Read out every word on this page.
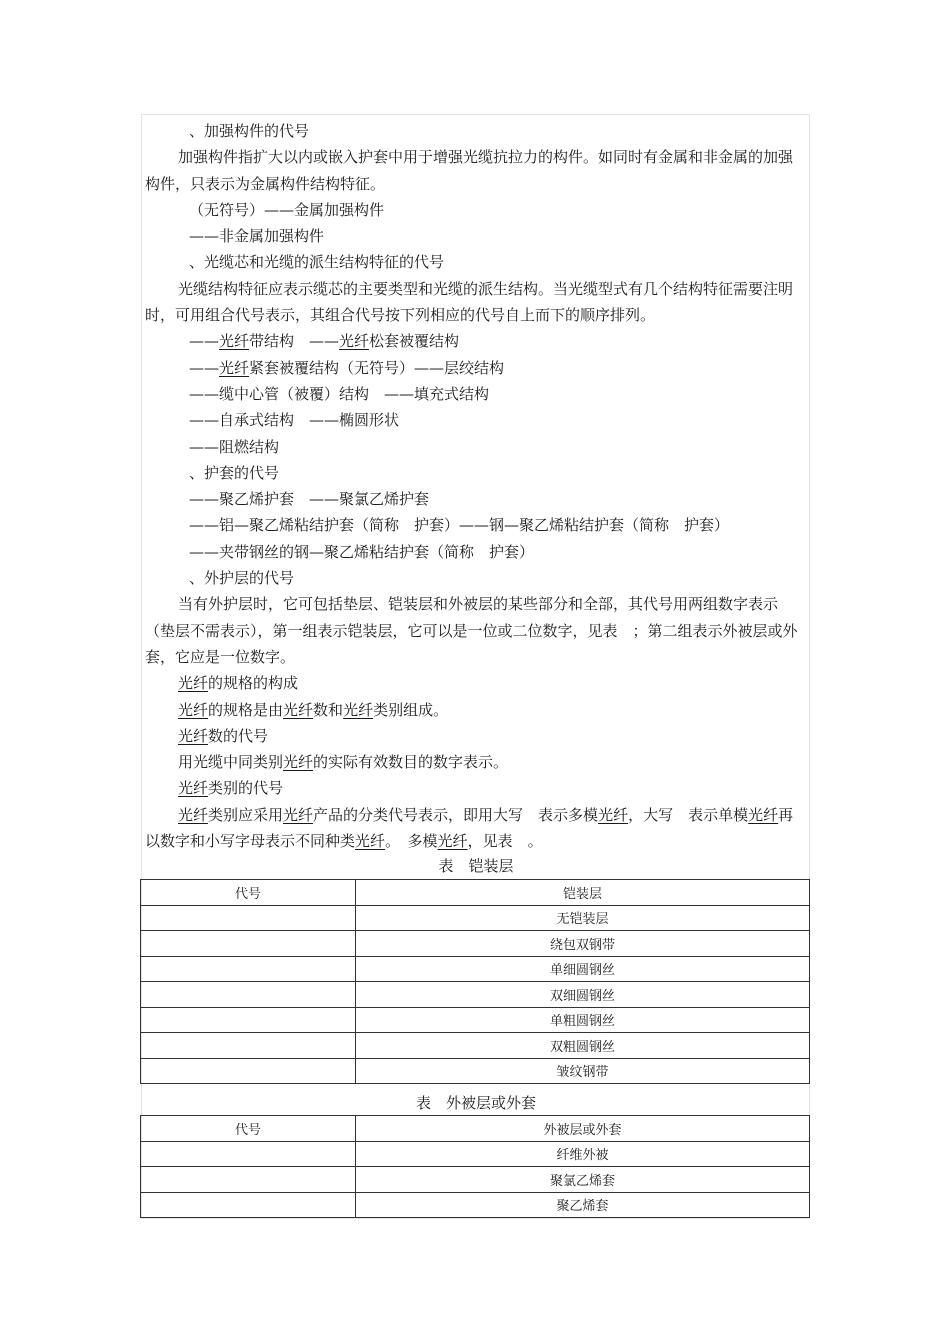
、加强构件的代号

加强构件指扩大以内或嵌入护套中用于增强光缆抗拉力的构件。如同时有金属和非金属的加强构件，只表示为金属构件结构特征。

（无符号）——金属加强构件

——非金属加强构件

、光缆芯和光缆的派生结构特征的代号

光缆结构特征应表示缆芯的主要类型和光缆的派生结构。当光缆型式有几个结构特征需要注明时，可用组合代号表示，其组合代号按下列相应的代号自上而下的顺序排列。

——光纤带结构　——光纤松套被覆结构

——光纤紧套被覆结构（无符号）——层绞结构

——缆中心管（被覆）结构　——填充式结构

——自承式结构　——椭圆形状

——阻燃结构

、护套的代号

——聚乙烯护套　——聚氯乙烯护套

——铝—聚乙烯粘结护套（简称　护套）——钢—聚乙烯粘结护套（简称　护套）

——夹带钢丝的钢—聚乙烯粘结护套（简称　护套）

、外护层的代号

当有外护层时，它可包括垫层、铠装层和外被层的某些部分和全部，其代号用两组数字表示（垫层不需表示），第一组表示铠装层，它可以是一位或二位数字，见表　；第二组表示外被层或外套，它应是一位数字。

光纤的规格的构成

光纤的规格是由光纤数和光纤类别组成。

光纤数的代号

用光缆中同类别光纤的实际有效数目的数字表示。

光纤类别的代号

光纤类别应采用光纤产品的分类代号表示，即用大写　表示多模光纤，大写　表示单模光纤再以数字和小写字母表示不同种类光纤。　多模光纤，见表　。

代号	铠装层
	无铠装层
	绕包双钢带
	单细圆钢丝
	双细圆钢丝
	单粗圆钢丝
	双粗圆钢丝
	皱纹钢带
代号	外被层或外套
	纤维外被
	聚氯乙烯套
	聚乙烯套
表　铠装层
表　外被层或外套
